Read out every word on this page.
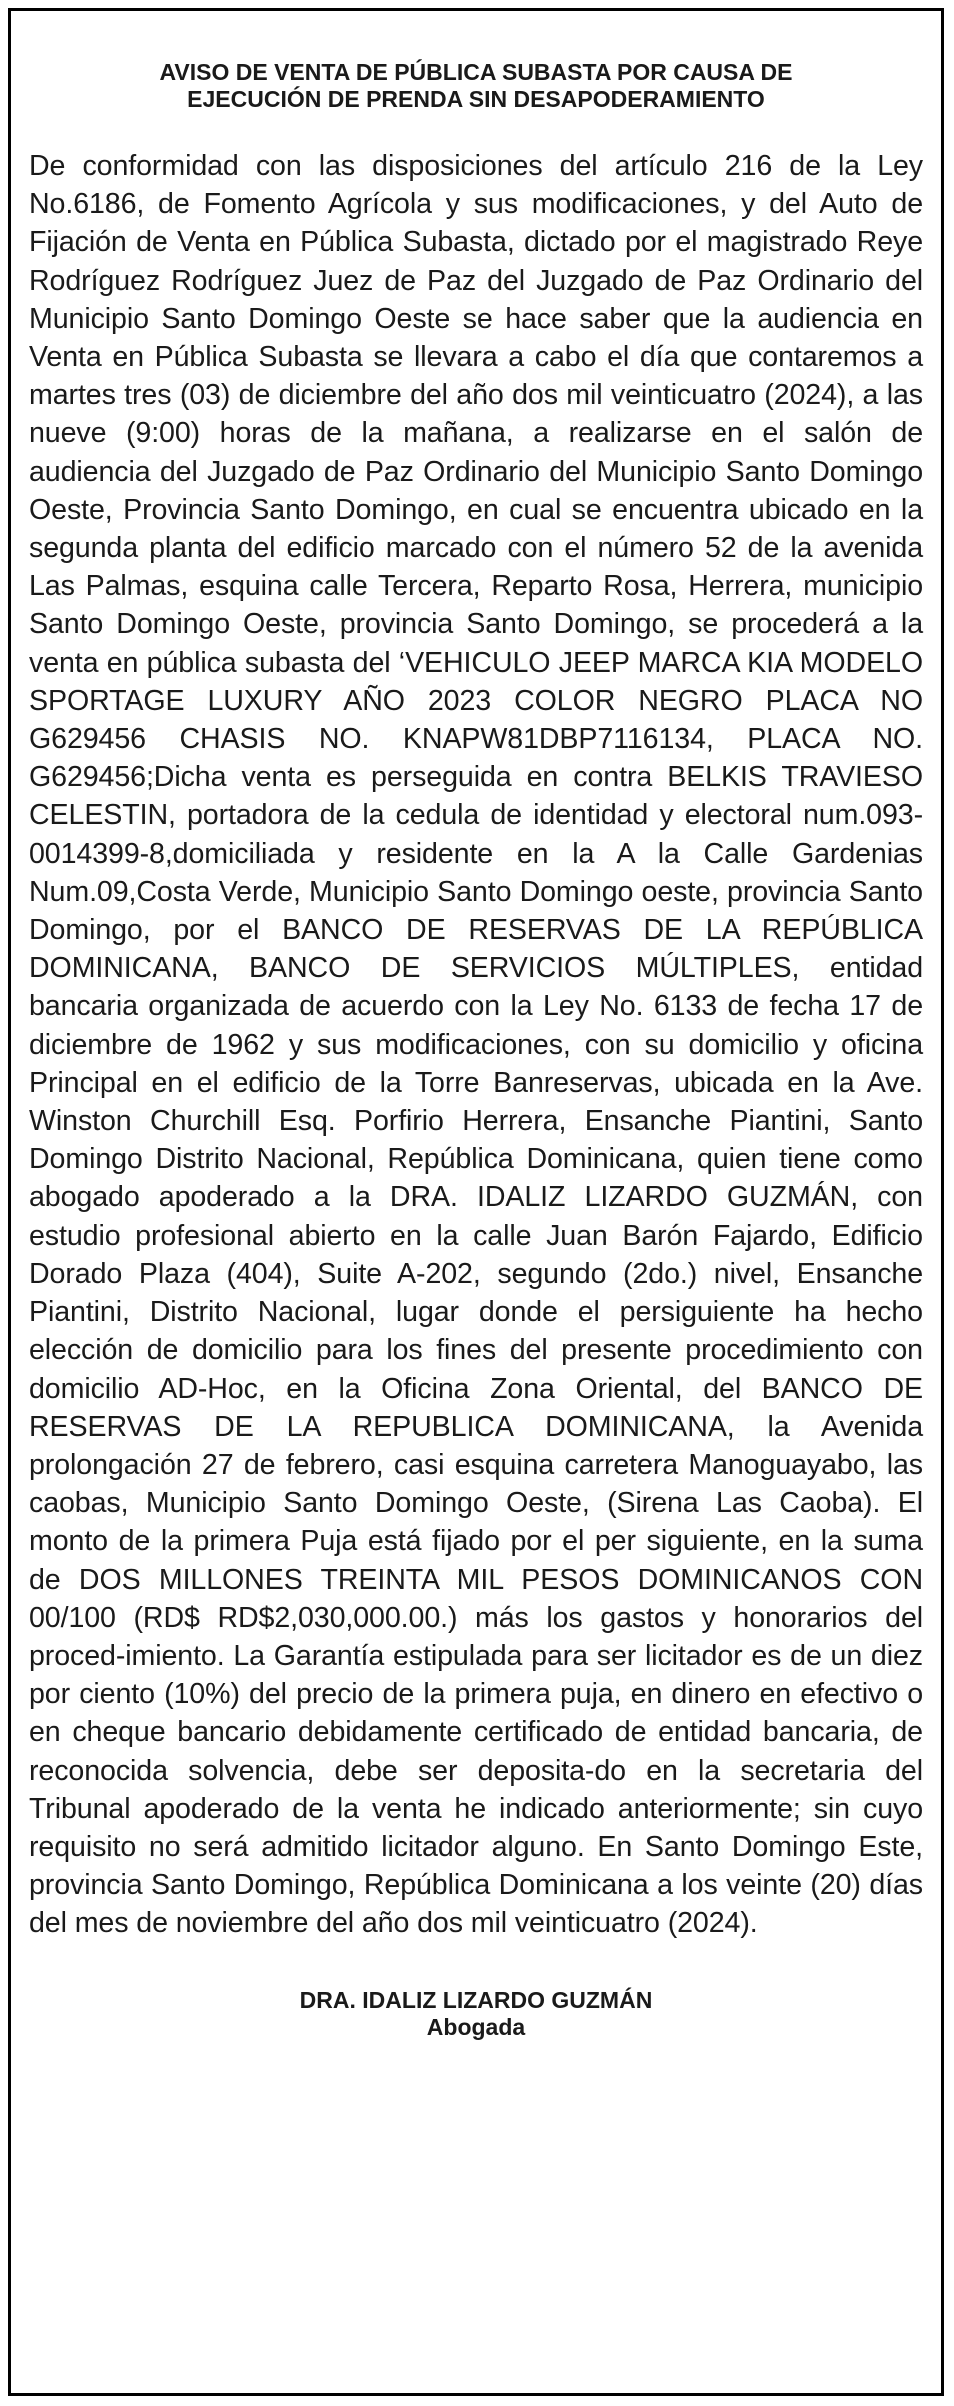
AVISO DE VENTA DE PÚBLICA SUBASTA POR CAUSA DE
EJECUCIÓN DE PRENDA SIN DESAPODERAMIENTO

De conformidad con las disposiciones del artículo 216 de la Ley No.6186, de Fomento Agrícola y sus modificaciones, y del Auto de Fijación de Venta en Pública Subasta, dictado por el magistrado Reye Rodríguez Rodríguez Juez de Paz del Juzgado de Paz Ordinario del Municipio Santo Domingo Oeste se hace saber que la audiencia en Venta en Pública Subasta se llevara a cabo el día que contaremos a martes tres (03) de diciembre del año dos mil veinticuatro (2024), a las nueve (9:00) horas de la mañana, a realizarse en el salón de audiencia del Juzgado de Paz Ordinario del Municipio Santo Domingo Oeste, Provincia Santo Domingo, en cual se encuentra ubicado en la segunda planta del edificio marcado con el número 52 de la avenida Las Palmas, esquina calle Tercera, Reparto Rosa, Herrera, municipio Santo Domingo Oeste, provincia Santo Domingo, se procederá a la venta en pública subasta del ‘VEHICULO JEEP MARCA KIA MODELO SPORTAGE LUXURY AÑO 2023 COLOR NEGRO PLACA NO G629456 CHASIS NO. KNAPW81DBP7116134, PLACA NO. G629456;Dicha venta es perseguida en contra BELKIS TRAVIESO CELESTIN, portadora de la cedula de identidad y electoral num.093-0014399-8,domiciliada y residente en la A la Calle Gardenias Num.09,Costa Verde, Municipio Santo Domingo oeste, provincia Santo Domingo, por el BANCO DE RESERVAS DE LA REPÚBLICA DOMINICANA, BANCO DE SERVICIOS MÚLTIPLES, entidad bancaria organizada de acuerdo con la Ley No. 6133 de fecha 17 de diciembre de 1962 y sus modificaciones, con su domicilio y oficina Principal en el edificio de la Torre Banreservas, ubicada en la Ave. Winston Churchill Esq. Porfirio Herrera, Ensanche Piantini, Santo Domingo Distrito Nacional, República Dominicana, quien tiene como abogado apoderado a la DRA. IDALIZ LIZARDO GUZMÁN, con estudio profesional abierto en la calle Juan Barón Fajardo, Edificio Dorado Plaza (404), Suite A-202, segundo (2do.) nivel, Ensanche Piantini, Distrito Nacional, lugar donde el persiguiente ha hecho elección de domicilio para los fines del presente procedimiento con domicilio AD-Hoc, en la Oficina Zona Oriental, del BANCO DE RESERVAS DE LA REPUBLICA DOMINICANA, la Avenida prolongación 27 de febrero, casi esquina carretera Manoguayabo, las caobas, Municipio Santo Domingo Oeste, (Sirena Las Caoba). El monto de la primera Puja está fijado por el per siguiente, en la suma de DOS MILLONES TREINTA MIL PESOS DOMINICANOS CON 00/100 (RD$ RD$2,030,000.00.) más los gastos y honorarios del proced-imiento. La Garantía estipulada para ser licitador es de un diez por ciento (10%) del precio de la primera puja, en dinero en efectivo o en cheque bancario debidamente certificado de entidad bancaria, de reconocida solvencia, debe ser deposita-do en la secretaria del Tribunal apoderado de la venta he indicado anteriormente; sin cuyo requisito no será admitido licitador alguno. En Santo Domingo Este, provincia Santo Domingo, República Dominicana a los veinte (20) días del mes de noviembre del año dos mil veinticuatro (2024).

DRA. IDALIZ LIZARDO GUZMÁN
Abogada
